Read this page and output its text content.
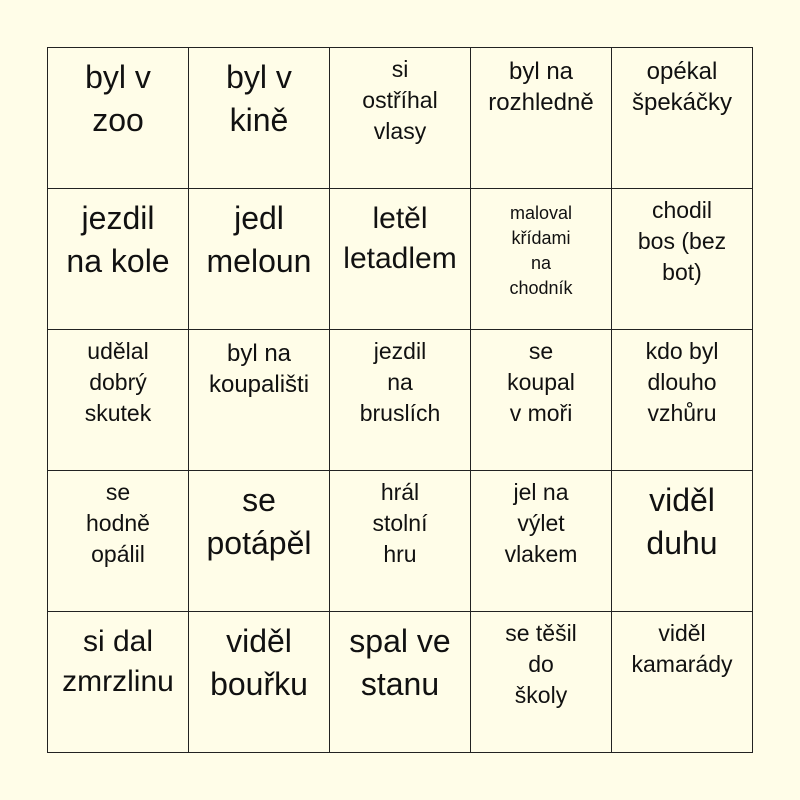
byl v
zoo
byl v
kině
si
ostříhal
vlasy
byl na
rozhledně
opékal
špekáčky
jezdil
na kole
jedl
meloun
letěl
letadlem
maloval
křídami
na
chodník
chodil
bos (bez
bot)
udělal
dobrý
skutek
byl na
koupališti
jezdil
na
bruslích
se
koupal
v moři
kdo byl
dlouho
vzhůru
se
hodně
opálil
se
potápěl
hrál
stolní
hru
jel na
výlet
vlakem
viděl
duhu
si dal
zmrzlinu
viděl
bouřku
spal ve
stanu
se těšil
do
školy
viděl
kamarády
